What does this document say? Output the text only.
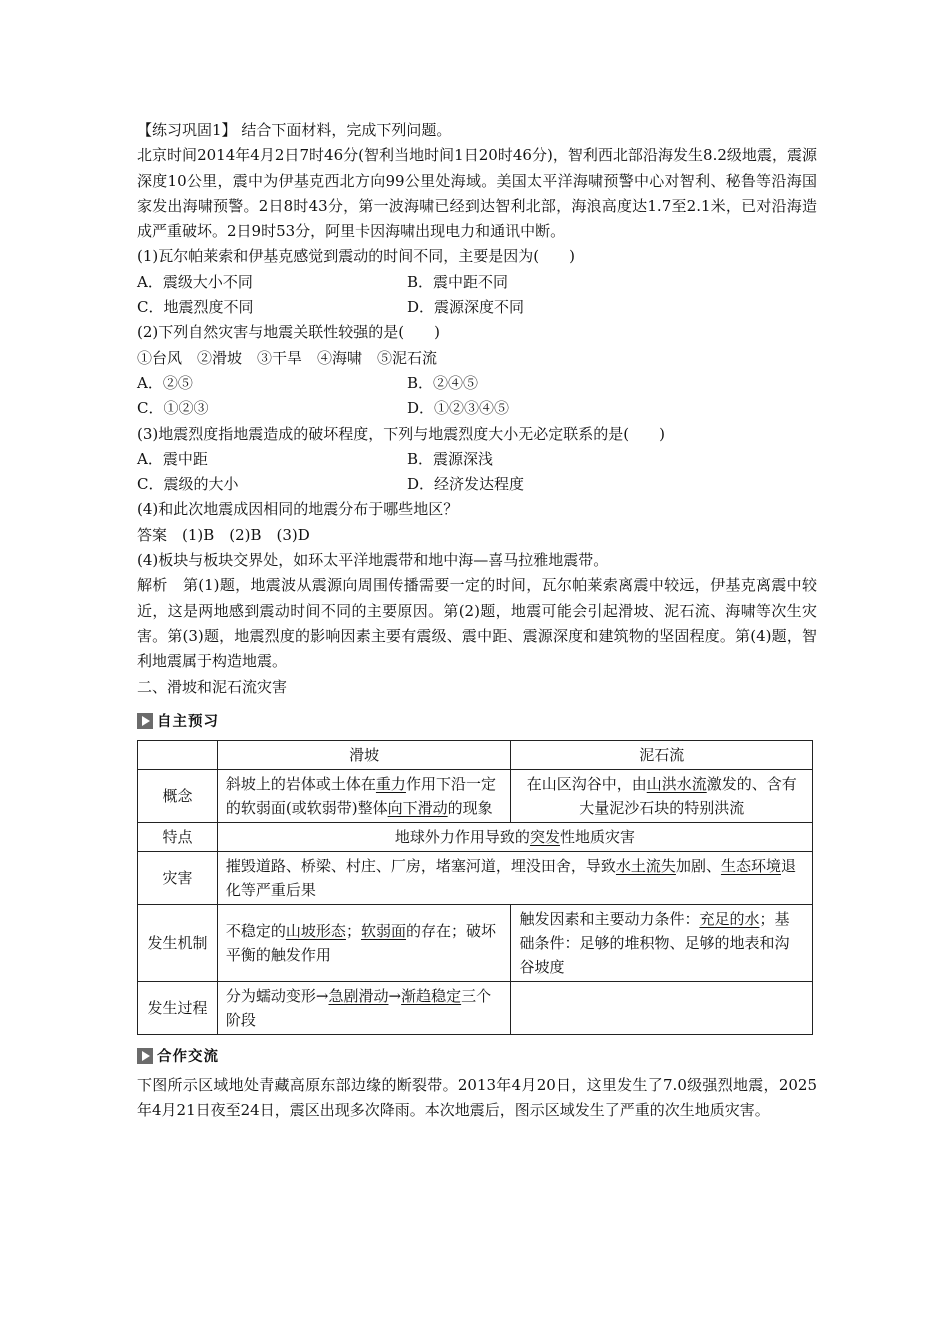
【练习巩固1】 结合下面材料，完成下列问题。

北京时间2014年4月2日7时46分(智利当地时间1日20时46分)，智利西北部沿海发生8.2级地震，震源深度10公里，震中为伊基克西北方向99公里处海域。美国太平洋海啸预警中心对智利、秘鲁等沿海国家发出海啸预警。2日8时43分，第一波海啸已经到达智利北部，海浪高度达1.7至2.1米，已对沿海造成严重破坏。2日9时53分，阿里卡因海啸出现电力和通讯中断。

(1)瓦尔帕莱索和伊基克感觉到震动的时间不同，主要是因为(　　)

A．震级大小不同	B．震中距不同
C．地震烈度不同	D．震源深度不同

(2)下列自然灾害与地震关联性较强的是(　　)

①台风　②滑坡　③干旱　④海啸　⑤泥石流

A．②⑤	B．②④⑤
C．①②③	D．①②③④⑤

(3)地震烈度指地震造成的破坏程度，下列与地震烈度大小无必定联系的是(　　)

A．震中距	B．震源深浅
C．震级的大小	D．经济发达程度

(4)和此次地震成因相同的地震分布于哪些地区？

答案　(1)B　(2)B　(3)D

(4)板块与板块交界处，如环太平洋地震带和地中海—喜马拉雅地震带。

解析　第(1)题，地震波从震源向周围传播需要一定的时间，瓦尔帕莱索离震中较远，伊基克离震中较近，这是两地感到震动时间不同的主要原因。第(2)题，地震可能会引起滑坡、泥石流、海啸等次生灾害。第(3)题，地震烈度的影响因素主要有震级、震中距、震源深度和建筑物的坚固程度。第(4)题，智利地震属于构造地震。

二、滑坡和泥石流灾害

自主预习
	滑坡	泥石流
概念	斜坡上的岩体或土体在重力作用下沿一定的软弱面(或软弱带)整体向下滑动的现象	在山区沟谷中，由山洪水流激发的、含有大量泥沙石块的特别洪流
特点	地球外力作用导致的突发性地质灾害	
灾害	摧毁道路、桥梁、村庄、厂房，堵塞河道，埋没田舍，导致水土流失加剧、生态环境退化等严重后果	
发生机制	不稳定的山坡形态；软弱面的存在；破坏平衡的触发作用	触发因素和主要动力条件：充足的水；基础条件：足够的堆积物、足够的地表和沟谷坡度
发生过程	分为蠕动变形→急剧滑动→渐趋稳定三个阶段	
合作交流

下图所示区域地处青藏高原东部边缘的断裂带。2013年4月20日，这里发生了7.0级强烈地震，2025年4月21日夜至24日，震区出现多次降雨。本次地震后，图示区域发生了严重的次生地质灾害。
